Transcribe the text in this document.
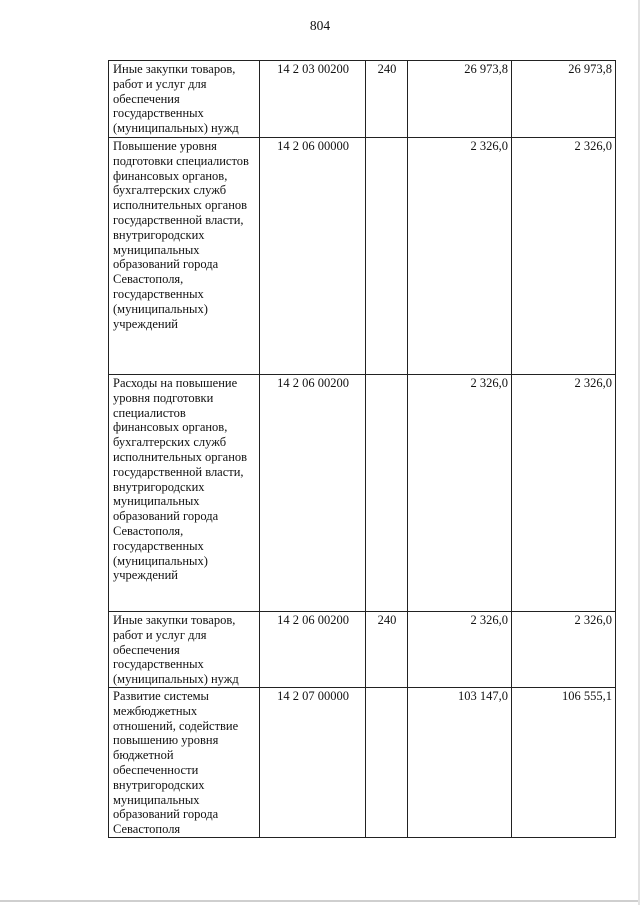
804
Иные закупки товаров, работ и услуг для обеспечения государственных (муниципальных) нужд	14 2 03 00200	240	26 973,8	26 973,8

Повышение уровня подготовки специалистов финансовых органов, бухгалтерских служб исполнительных органов государственной власти, внутригородских муниципальных образований города Севастополя, государственных (муниципальных) учреждений	14 2 06 00000		2 326,0	2 326,0

Расходы на повышение уровня подготовки специалистов финансовых органов, бухгалтерских служб исполнительных органов государственной власти, внутригородских муниципальных образований города Севастополя, государственных (муниципальных) учреждений	14 2 06 00200		2 326,0	2 326,0

Иные закупки товаров, работ и услуг для обеспечения государственных (муниципальных) нужд	14 2 06 00200	240	2 326,0	2 326,0

Развитие системы межбюджетных отношений, содействие повышению уровня бюджетной обеспеченности внутригородских муниципальных образований города Севастополя	14 2 07 00000		103 147,0	106 555,1
